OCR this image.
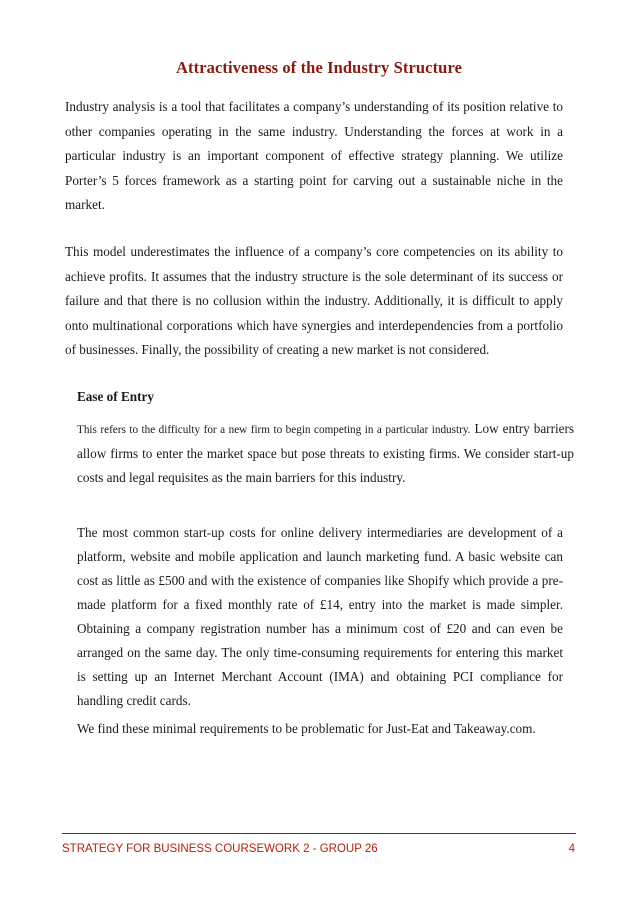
Attractiveness of the Industry Structure

Industry analysis is a tool that facilitates a company’s understanding of its position relative to other companies operating in the same industry. Understanding the forces at work in a particular industry is an important component of effective strategy planning. We utilize Porter’s 5 forces framework as a starting point for carving out a sustainable niche in the market.

This model underestimates the influence of a company’s core competencies on its ability to achieve profits. It assumes that the industry structure is the sole determinant of its success or failure and that there is no collusion within the industry. Additionally, it is difficult to apply onto multinational corporations which have synergies and interdependencies from a portfolio of businesses. Finally, the possibility of creating a new market is not considered.

Ease of Entry

This refers to the difficulty for a new firm to begin competing in a particular industry. Low entry barriers allow firms to enter the market space but pose threats to existing firms. We consider start-up costs and legal requisites as the main barriers for this industry.

The most common start-up costs for online delivery intermediaries are development of a platform, website and mobile application and launch marketing fund. A basic website can cost as little as £500 and with the existence of companies like Shopify which provide a pre-made platform for a fixed monthly rate of £14, entry into the market is made simpler. Obtaining a company registration number has a minimum cost of £20 and can even be arranged on the same day. The only time-consuming requirements for entering this market is setting up an Internet Merchant Account (IMA) and obtaining PCI compliance for handling credit cards.

We find these minimal requirements to be problematic for Just-Eat and Takeaway.com.

STRATEGY FOR BUSINESS COURSEWORK 2 - GROUP 26	4
